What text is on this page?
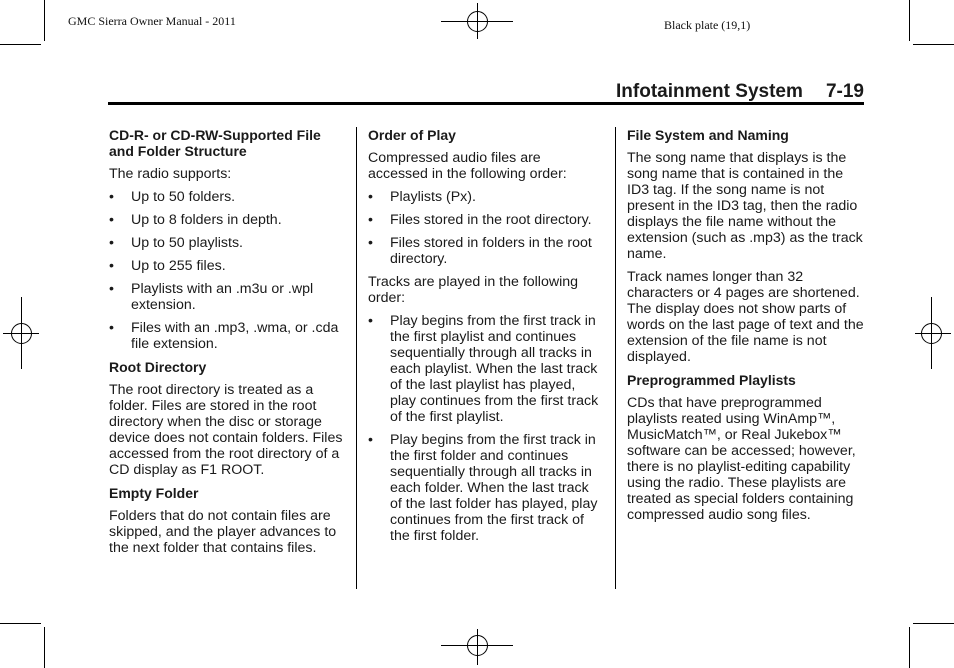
GMC Sierra Owner Manual - 2011	Black plate (19,1)
Infotainment System 7-19
CD-R- or CD-RW-Supported File and Folder Structure

The radio supports:

• Up to 50 folders.
• Up to 8 folders in depth.
• Up to 50 playlists.
• Up to 255 files.
• Playlists with an .m3u or .wpl extension.
• Files with an .mp3, .wma, or .cda file extension.
Root Directory

The root directory is treated as a folder. Files are stored in the root directory when the disc or storage device does not contain folders. Files accessed from the root directory of a CD display as F1 ROOT.

Empty Folder

Folders that do not contain files are skipped, and the player advances to the next folder that contains files.

Order of Play

Compressed audio files are accessed in the following order:

• Playlists (Px).
• Files stored in the root directory.
• Files stored in folders in the root directory.

Tracks are played in the following order:

• Play begins from the first track in the first playlist and continues sequentially through all tracks in each playlist. When the last track of the last playlist has played, play continues from the first track of the first playlist.
• Play begins from the first track in the first folder and continues sequentially through all tracks in each folder. When the last track of the last folder has played, play continues from the first track of the first folder.
File System and Naming

The song name that displays is the song name that is contained in the ID3 tag. If the song name is not present in the ID3 tag, then the radio displays the file name without the extension (such as .mp3) as the track name.

Track names longer than 32 characters or 4 pages are shortened. The display does not show parts of words on the last page of text and the extension of the file name is not displayed.

Preprogrammed Playlists

CDs that have preprogrammed playlists reated using WinAmp™, MusicMatch™, or Real Jukebox™ software can be accessed; however, there is no playlist-editing capability using the radio. These playlists are treated as special folders containing compressed audio song files.
